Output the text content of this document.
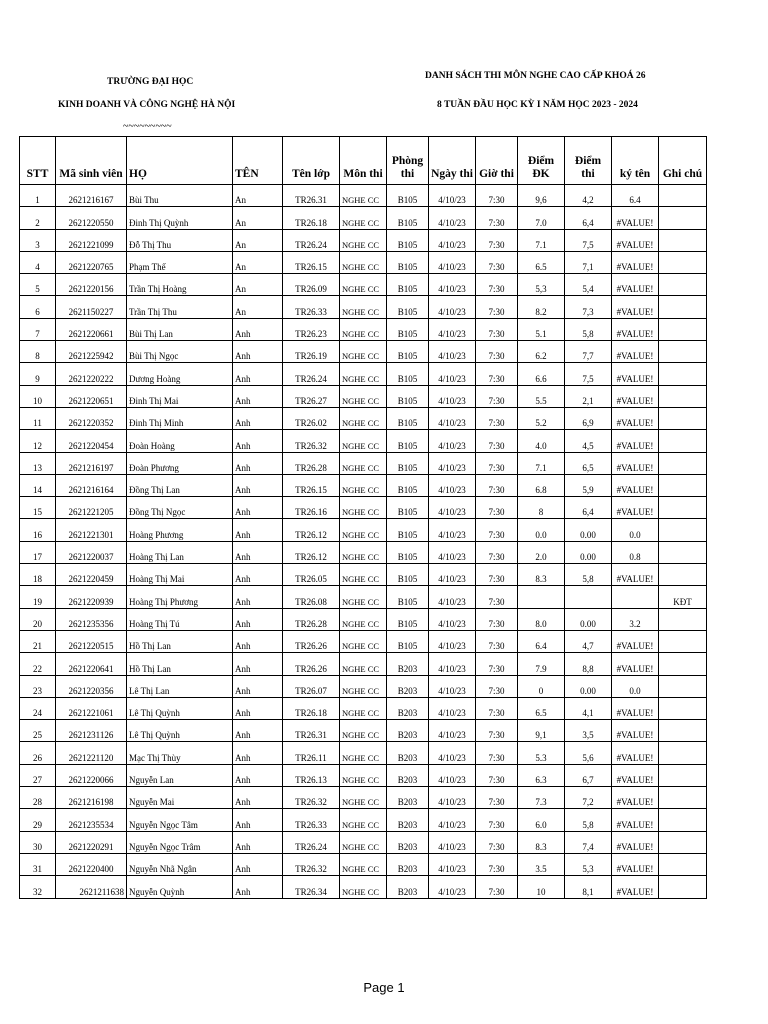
TRƯỜNG ĐẠI HỌC
KINH DOANH VÀ CÔNG NGHỆ HÀ NỘI
~~~~~~~~~
DANH SÁCH THI MÔN NGHE CAO CẤP KHOÁ 26
8 TUẦN ĐẦU HỌC KỲ I NĂM HỌC 2023 - 2024
STT	Mã sinh viên	HỌ	TÊN	Tên lớp	Môn thi	Phòng thi	Ngày thi	Giờ thi	Điểm ĐK	Điểm thi	ký tên	Ghi chú
1	2621216167	Bùi Thu	An	TR26.31	NGHE CC	B105	4/10/23	7:30	9,6	4,2	6.4	
2	2621220550	Đinh Thị Quỳnh	An	TR26.18	NGHE CC	B105	4/10/23	7:30	7.0	6,4	#VALUE!	
3	2621221099	Đỗ Thị Thu	An	TR26.24	NGHE CC	B105	4/10/23	7:30	7.1	7,5	#VALUE!	
4	2621220765	Phạm Thế	An	TR26.15	NGHE CC	B105	4/10/23	7:30	6.5	7,1	#VALUE!	
5	2621220156	Trần Thị Hoàng	An	TR26.09	NGHE CC	B105	4/10/23	7:30	5,3	5,4	#VALUE!	
6	2621150227	Trần Thị Thu	An	TR26.33	NGHE CC	B105	4/10/23	7:30	8.2	7,3	#VALUE!	
7	2621220661	Bùi Thị Lan	Anh	TR26.23	NGHE CC	B105	4/10/23	7:30	5.1	5,8	#VALUE!	
8	2621225942	Bùi Thị Ngọc	Anh	TR26.19	NGHE CC	B105	4/10/23	7:30	6.2	7,7	#VALUE!	
9	2621220222	Dương Hoàng	Anh	TR26.24	NGHE CC	B105	4/10/23	7:30	6.6	7,5	#VALUE!	
10	2621220651	Đinh Thị Mai	Anh	TR26.27	NGHE CC	B105	4/10/23	7:30	5.5	2,1	#VALUE!	
11	2621220352	Đinh Thị Minh	Anh	TR26.02	NGHE CC	B105	4/10/23	7:30	5.2	6,9	#VALUE!	
12	2621220454	Đoàn Hoàng	Anh	TR26.32	NGHE CC	B105	4/10/23	7:30	4.0	4,5	#VALUE!	
13	2621216197	Đoàn Phương	Anh	TR26.28	NGHE CC	B105	4/10/23	7:30	7.1	6,5	#VALUE!	
14	2621216164	Đồng Thị Lan	Anh	TR26.15	NGHE CC	B105	4/10/23	7:30	6.8	5,9	#VALUE!	
15	2621221205	Đồng Thị Ngọc	Anh	TR26.16	NGHE CC	B105	4/10/23	7:30	8	6,4	#VALUE!	
16	2621221301	Hoàng Phương	Anh	TR26.12	NGHE CC	B105	4/10/23	7:30	0.0	0.00	0.0	
17	2621220037	Hoàng Thị Lan	Anh	TR26.12	NGHE CC	B105	4/10/23	7:30	2.0	0.00	0.8	
18	2621220459	Hoàng Thị Mai	Anh	TR26.05	NGHE CC	B105	4/10/23	7:30	8.3	5,8	#VALUE!	
19	2621220939	Hoàng Thị Phương	Anh	TR26.08	NGHE CC	B105	4/10/23	7:30				KĐT
20	2621235356	Hoàng Thị Tú	Anh	TR26.28	NGHE CC	B105	4/10/23	7:30	8.0	0.00	3.2	
21	2621220515	Hồ Thị Lan	Anh	TR26.26	NGHE CC	B105	4/10/23	7:30	6.4	4,7	#VALUE!	
22	2621220641	Hồ Thị Lan	Anh	TR26.26	NGHE CC	B203	4/10/23	7:30	7.9	8,8	#VALUE!	
23	2621220356	Lê Thị Lan	Anh	TR26.07	NGHE CC	B203	4/10/23	7:30	0	0.00	0.0	
24	2621221061	Lê Thị Quỳnh	Anh	TR26.18	NGHE CC	B203	4/10/23	7:30	6.5	4,1	#VALUE!	
25	2621231126	Lê Thị Quỳnh	Anh	TR26.31	NGHE CC	B203	4/10/23	7:30	9,1	3,5	#VALUE!	
26	2621221120	Mạc Thị Thùy	Anh	TR26.11	NGHE CC	B203	4/10/23	7:30	5.3	5,6	#VALUE!	
27	2621220066	Nguyễn Lan	Anh	TR26.13	NGHE CC	B203	4/10/23	7:30	6.3	6,7	#VALUE!	
28	2621216198	Nguyễn Mai	Anh	TR26.32	NGHE CC	B203	4/10/23	7:30	7.3	7,2	#VALUE!	
29	2621235534	Nguyễn Ngọc Tâm	Anh	TR26.33	NGHE CC	B203	4/10/23	7:30	6.0	5,8	#VALUE!	
30	2621220291	Nguyễn Ngọc Trâm	Anh	TR26.24	NGHE CC	B203	4/10/23	7:30	8.3	7,4	#VALUE!	
31	2621220400	Nguyễn Nhã Ngân	Anh	TR26.32	NGHE CC	B203	4/10/23	7:30	3.5	5,3	#VALUE!	
32	2621211638	Nguyễn Quỳnh	Anh	TR26.34	NGHE CC	B203	4/10/23	7:30	10	8,1	#VALUE!	
Page 1
